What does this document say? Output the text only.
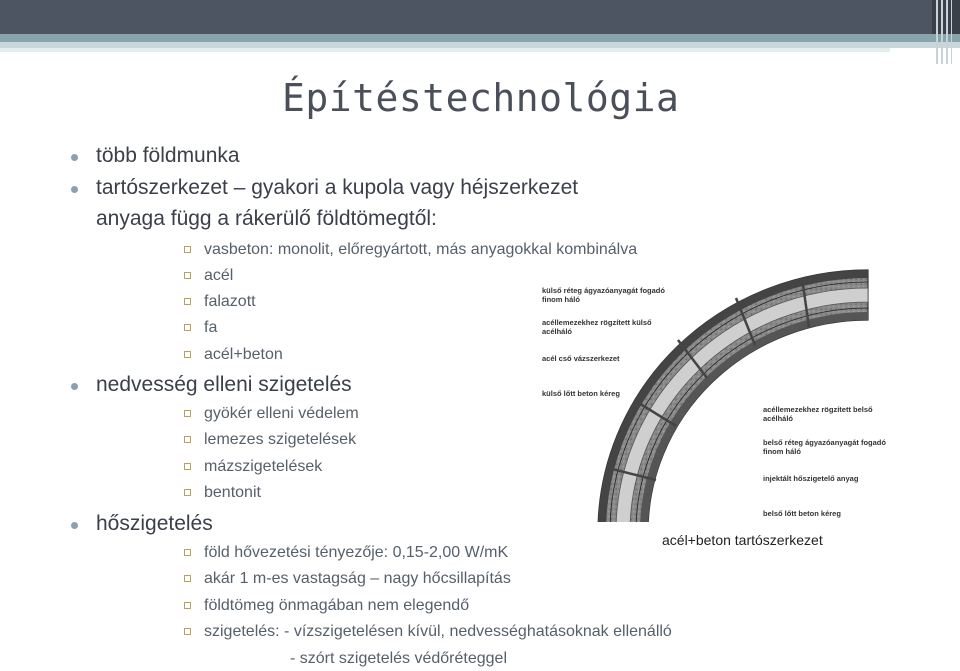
Építéstechnológia
több földmunka
tartószerkezet – gyakori a kupola vagy héjszerkezet
anyaga függ a rákerülő földtömegtől:
vasbeton: monolit, előregyártott, más anyagokkal kombinálva
acél
falazott
fa
acél+beton
nedvesség elleni szigetelés
gyökér elleni védelem
lemezes szigetelések
mázszigetelések
bentonit
hőszigetelés
föld hővezetési tényezője: 0,15-2,00 W/mK
akár 1 m-es vastagság – nagy hőcsillapítás
földtömeg önmagában nem elegendő
szigetelés: - vízszigetelésen kívül, nedvességhatásoknak ellenálló
- szórt szigetelés védőréteggel
külső réteg ágyazóanyagát fogadó finom háló
acéllemezekhez rögzített külső acélháló
acél cső vázszerkezet
külső lőtt beton kéreg
acéllemezekhez rögzített belső acélháló
belső réteg ágyazóanyagát fogadó finom háló
injektált hőszigetelő anyag
belső lőtt beton kéreg
acél+beton tartószerkezet
